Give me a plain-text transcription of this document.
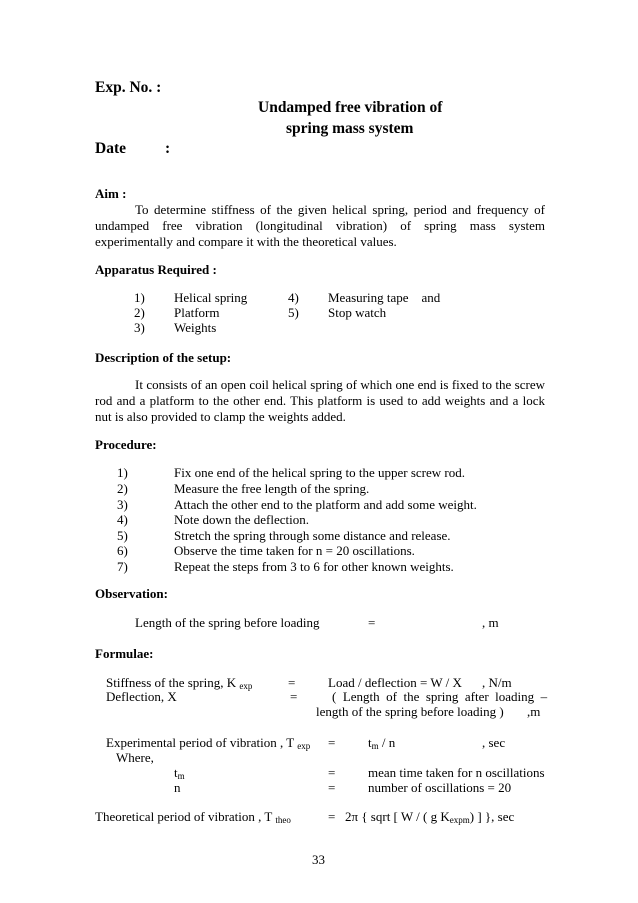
Exp. No. :
Undamped free vibration of
spring mass system
Date	:
Aim :
To determine stiffness of the given helical spring, period and frequency of
undamped free vibration (longitudinal vibration) of spring mass system
experimentally and compare it with the theoretical values.
Apparatus Required :
1) Helical spring
2) Platform
3) Weights
4) Measuring tape    and
5) Stop watch
Description of the setup:
It consists of an open coil helical spring of which one end is fixed to the screw
rod and a platform to the other end. This platform is used to add weights and a lock
nut is also provided to clamp the weights added.
Procedure:
1)	Fix one end of the helical spring to the upper screw rod.
2)	Measure the free length of the spring.
3)	Attach the other end to the platform and add some weight.
4)	Note down the deflection.
5)	Stretch the spring through some distance and release.
6)	Observe the time taken for n = 20 oscillations.
7)	Repeat the steps from 3 to 6 for other known weights.
Observation:
Length of the spring before loading	=	, m
Formulae:
Stiffness of the spring, K $_{exp}$	=	Load / deflection = W / X , N/m
Deflection, X	=	(  Length  of  the  spring  after  loading  –
length of the spring before loading ) ,m
Experimental period of vibration , T $_{exp}$ =	$t_m$ / n	, sec
Where,
$t_m$	=	mean time taken for n oscillations
n	=	number of oscillations = 20
Theoretical period of vibration , T $_{theo}$	= 2π { sqrt [ W / ( g $K_{expm}$) ] }, sec
33
